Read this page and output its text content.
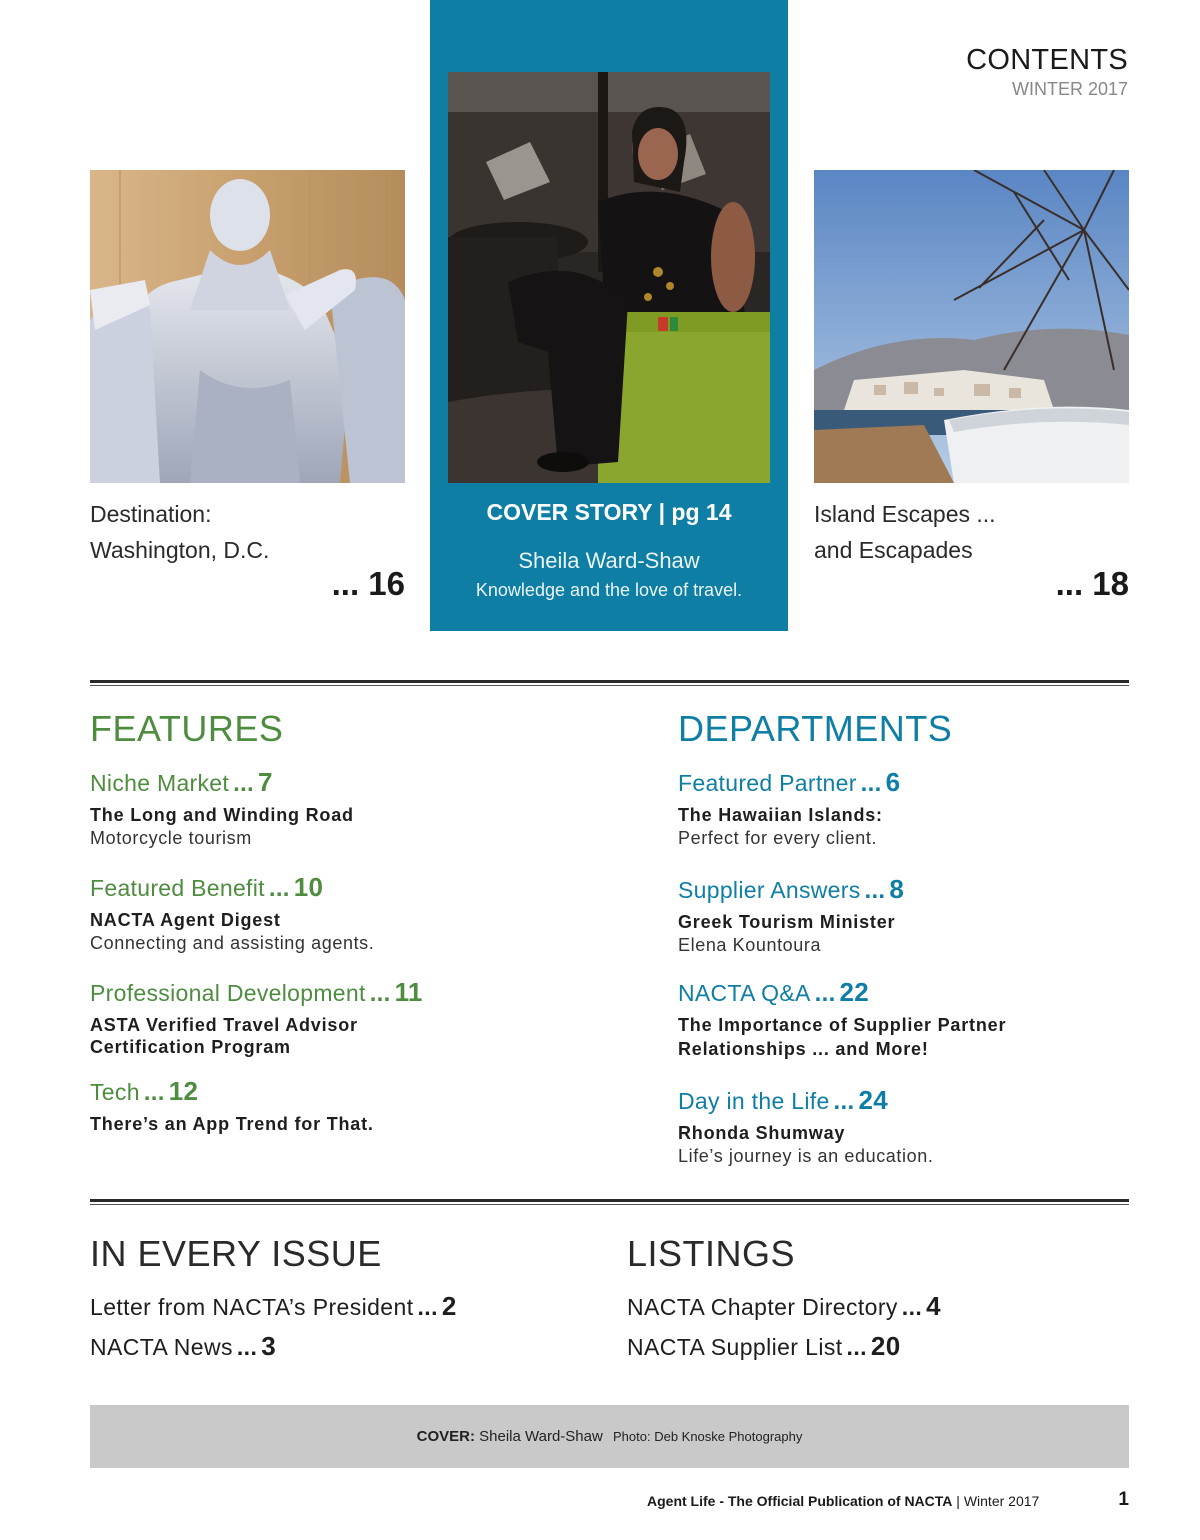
CONTENTS
WINTER 2017
Destination:
Washington, D.C.
... 16
COVER STORY | pg 14
Sheila Ward-Shaw
Knowledge and the love of travel.
Island Escapes ...
and Escapades
... 18
FEATURES
Niche Market ... 7
The Long and Winding Road
Motorcycle tourism
Featured Benefit ... 10
NACTA Agent Digest
Connecting and assisting agents.
Professional Development ... 11
ASTA Verified Travel Advisor
Certification Program
Tech ... 12
There’s an App Trend for That.
DEPARTMENTS
Featured Partner ... 6
The Hawaiian Islands:
Perfect for every client.
Supplier Answers ... 8
Greek Tourism Minister
Elena Kountoura
NACTA Q&A ... 22
The Importance of Supplier Partner
Relationships ... and More!
Day in the Life ... 24
Rhonda Shumway
Life’s journey is an education.
IN EVERY ISSUE
Letter from NACTA’s President ... 2
NACTA News ... 3
LISTINGS
NACTA Chapter Directory ... 4
NACTA Supplier List ... 20
COVER: Sheila Ward-Shaw Photo: Deb Knoske Photography
Agent Life - The Official Publication of NACTA | Winter 2017	1
